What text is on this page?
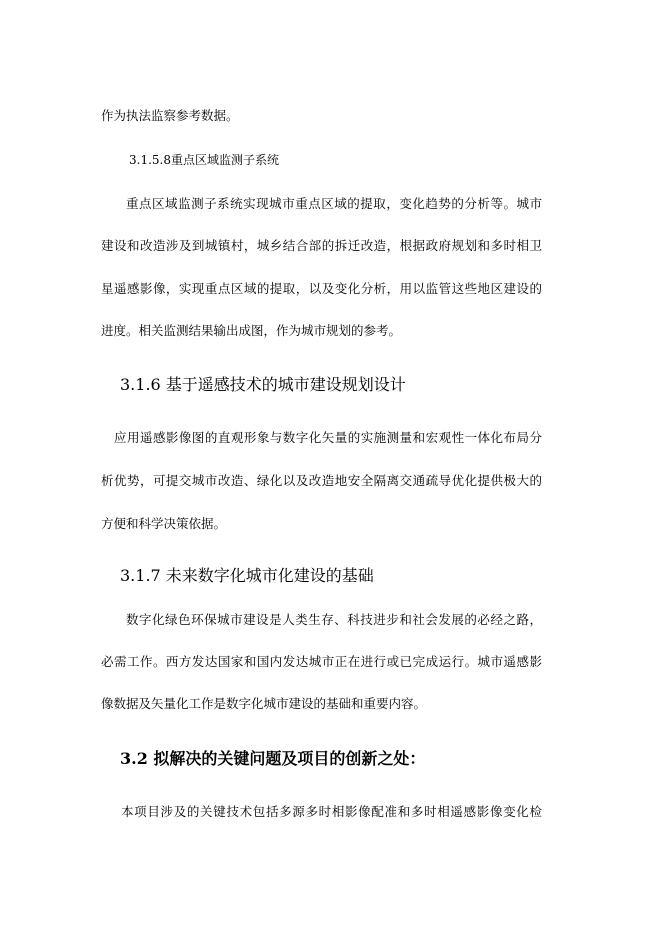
作为执法监察参考数据。
3.1.5.8重点区域监测子系统
重点区域监测子系统实现城市重点区域的提取，变化趋势的分析等。城市
建设和改造涉及到城镇村，城乡结合部的拆迁改造，根据政府规划和多时相卫
星遥感影像，实现重点区域的提取，以及变化分析，用以监管这些地区建设的
进度。相关监测结果输出成图，作为城市规划的参考。
3.1.6 基于遥感技术的城市建设规划设计
应用遥感影像图的直观形象与数字化矢量的实施测量和宏观性一体化布局分
析优势，可提交城市改造、绿化以及改造地安全隔离交通疏导优化提供极大的
方便和科学决策依据。
3.1.7 未来数字化城市化建设的基础
数字化绿色环保城市建设是人类生存、科技进步和社会发展的必经之路，
必需工作。西方发达国家和国内发达城市正在进行或已完成运行。城市遥感影
像数据及矢量化工作是数字化城市建设的基础和重要内容。
3.2 拟解决的关键问题及项目的创新之处：
本项目涉及的关键技术包括多源多时相影像配准和多时相遥感影像变化检
